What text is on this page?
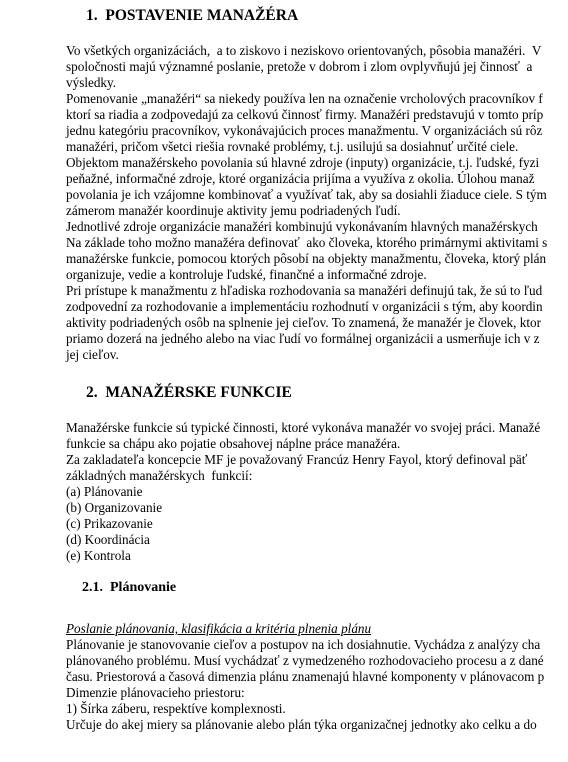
1.  POSTAVENIE MANAŽÉRA
Vo všetkých organizáciách,  a to ziskovo i neziskovo orientovaných, pôsobia manažéri.  V
spoločnosti majú významné poslanie, pretože v dobrom i zlom ovplyvňujú jej činnosť  a
výsledky.
Pomenovanie „manažéri“ sa niekedy používa len na označenie vrcholových pracovníkov f
ktorí sa riadia a zodpovedajú za celkovú činnosť firmy. Manažéri predstavujú v tomto príp
jednu kategóriu pracovníkov, vykonávajúcich proces manažmentu. V organizáciách sú rôz
manažéri, pričom všetci riešia rovnaké problémy, t.j. usilujú sa dosiahnuť určité ciele.
Objektom manažérskeho povolania sú hlavné zdroje (inputy) organizácie, t.j. ľudské, fyzi
peňažné, informačné zdroje, ktoré organizácia prijíma a využíva z okolia. Úlohou manaž
povolania je ich vzájomne kombinovať a využívať tak, aby sa dosiahli žiaduce ciele. S tým
zámerom manažér koordinuje aktivity jemu podriadených ľudí.
Jednotlivé zdroje organizácie manažéri kombinujú vykonávaním hlavných manažérskych
Na základe toho možno manažéra definovať  ako človeka, ktorého primárnymi aktivitami s
manažérske funkcie, pomocou ktorých pôsobí na objekty manažmentu, človeka, ktorý plán
organizuje, vedie a kontroluje ľudské, finančné a informačné zdroje.
Pri prístupe k manažmentu z hľadiska rozhodovania sa manažéri definujú tak, že sú to ľud
zodpovední za rozhodovanie a implementáciu rozhodnutí v organizácii s tým, aby koordin
aktivity podriadených osôb na splnenie jej cieľov. To znamená, že manažér je človek, ktor
priamo dozerá na jedného alebo na viac ľudí vo formálnej organizácii a usmerňuje ich v z
jej cieľov.
2.  MANAŽÉRSKE FUNKCIE
Manažérske funkcie sú typické činnosti, ktoré vykonáva manažér vo svojej práci. Manažé
funkcie sa chápu ako pojatie obsahovej náplne práce manažéra.
Za zakladateľa koncepcie MF je považovaný Francúz Henry Fayol, ktorý definoval päť
základných manažérskych  funkcií:
(a) Plánovanie
(b) Organizovanie
(c) Prikazovanie
(d) Koordinácia
(e) Kontrola
2.1.  Plánovanie
Poslanie plánovania, klasifikácia a kritéria plnenia plánu
Plánovanie je stanovovanie cieľov a postupov na ich dosiahnutie. Vychádza z analýzy cha
plánovaného problému. Musí vychádzať z vymedzeného rozhodovacieho procesu a z dané
času. Priestorová a časová dimenzia plánu znamenajú hlavné komponenty v plánovacom p
Dimenzie plánovacieho priestoru:
1) Šírka záberu, respektíve komplexnosti.
Určuje do akej miery sa plánovanie alebo plán týka organizačnej jednotky ako celku a do
